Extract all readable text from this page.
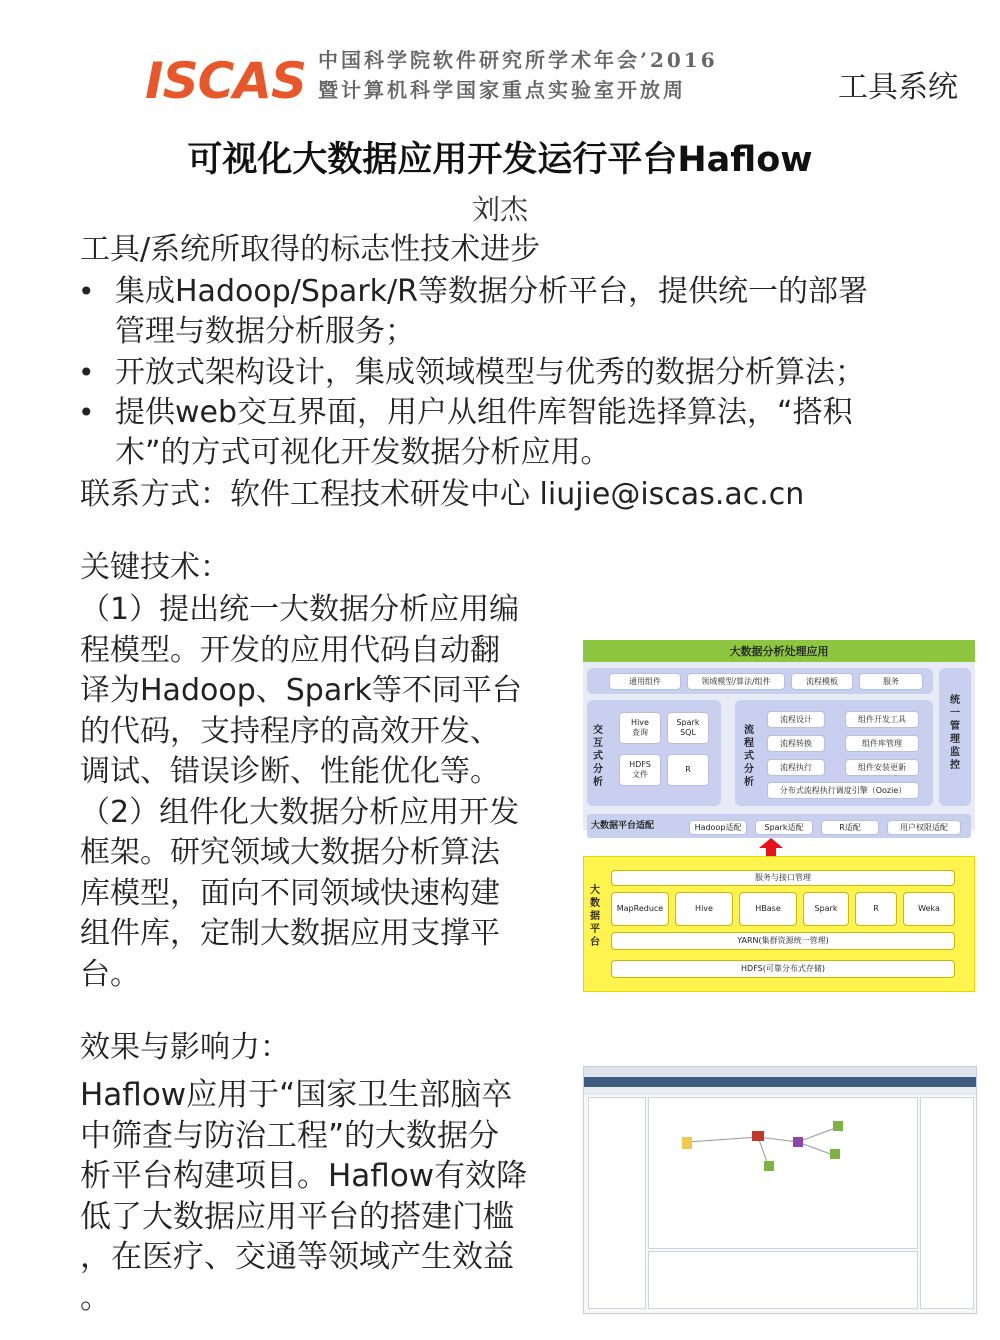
ISCAS 中国科学院软件研究所学术年会’2016
暨计算机科学国家重点实验室开放周	工具系统
可视化大数据应用开发运行平台Haflow
刘杰
工具/系统所取得的标志性技术进步
• 集成Hadoop/Spark/R等数据分析平台，提供统一的部署
管理与数据分析服务；
• 开放式架构设计，集成领域模型与优秀的数据分析算法；
• 提供web交互界面，用户从组件库智能选择算法，“搭积
木”的方式可视化开发数据分析应用。
联系方式：软件工程技术研发中心 liujie@iscas.ac.cn
关键技术：
（1）提出统一大数据分析应用编
程模型。开发的应用代码自动翻
译为Hadoop、Spark等不同平台
的代码，支持程序的高效开发、
调试、错误诊断、性能优化等。
（2）组件化大数据分析应用开发
框架。研究领域大数据分析算法
库模型，面向不同领域快速构建
组件库，定制大数据应用支撑平
台。
效果与影响力：
Haflow应用于“国家卫生部脑卒
中筛查与防治工程”的大数据分
析平台构建项目。Haflow有效降
低了大数据应用平台的搭建门槛
，在医疗、交通等领域产生效益
。
大数据分析处理应用
通用组件	领域模型/算法/组件	流程模板	服务
交互式分析
Hive
查询
Spark
SQL
HDFS
文件
R
流程式分析
流程设计
流程转换
流程执行
组件开发工具
组件库管理
组件安装更新
分布式流程执行调度引擎（Oozie）
统一管理监控
大数据平台适配	Hadoop适配	Spark适配	R适配	用户权限适配
大数据平台
服务与接口管理
MapReduce	Hive	HBase	Spark	R	Weka
YARN(集群资源统一管理)
HDFS(可靠分布式存储)
